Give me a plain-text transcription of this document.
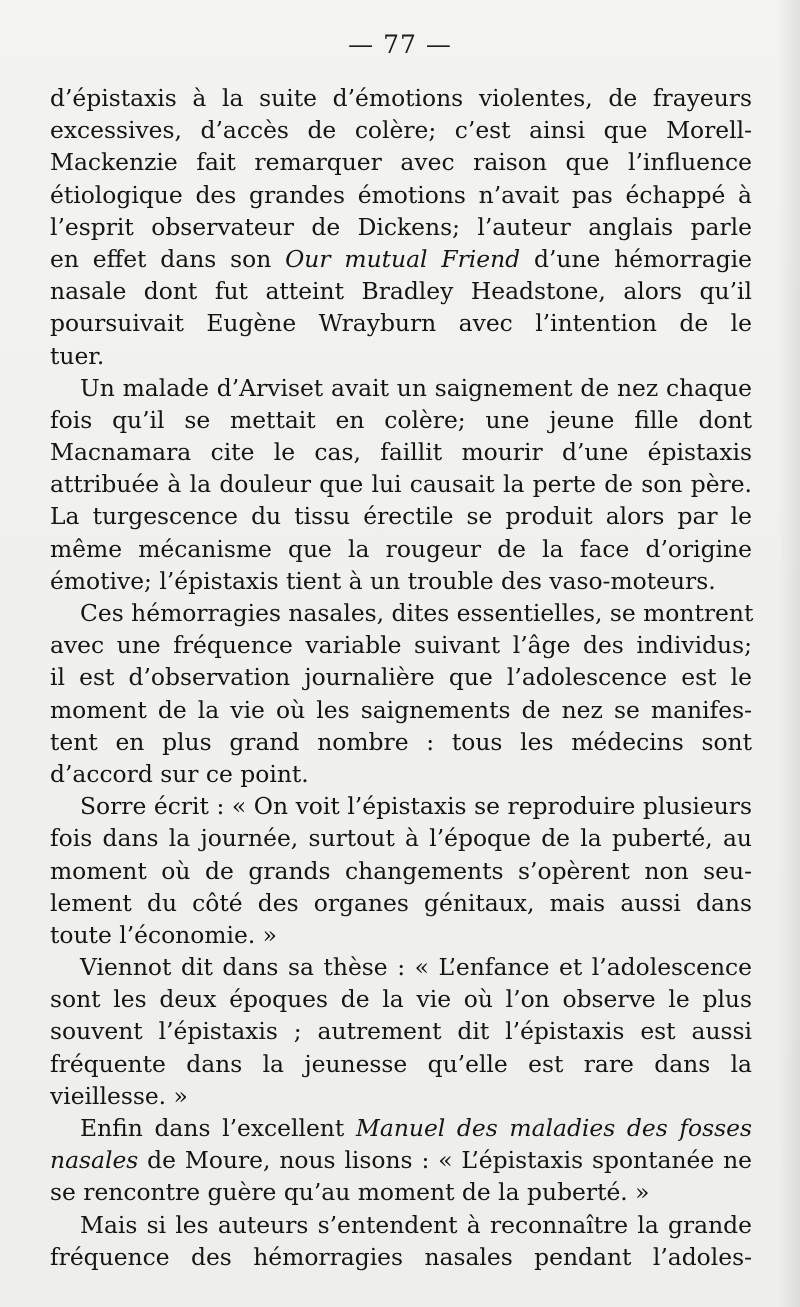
— 77 —
d’épistaxis à la suite d’émotions violentes, de frayeurs
excessives, d’accès de colère; c’est ainsi que Morell-
Mackenzie fait remarquer avec raison que l’influence
étiologique des grandes émotions n’avait pas échappé à
l’esprit observateur de Dickens; l’auteur anglais parle
en effet dans son Our mutual Friend d’une hémorragie
nasale dont fut atteint Bradley Headstone, alors qu’il
poursuivait Eugène Wrayburn avec l’intention de le
tuer.
Un malade d’Arviset avait un saignement de nez chaque
fois qu’il se mettait en colère; une jeune fille dont
Macnamara cite le cas, faillit mourir d’une épistaxis
attribuée à la douleur que lui causait la perte de son père.
La turgescence du tissu érectile se produit alors par le
même mécanisme que la rougeur de la face d’origine
émotive; l’épistaxis tient à un trouble des vaso-moteurs.
Ces hémorragies nasales, dites essentielles, se montrent
avec une fréquence variable suivant l’âge des individus;
il est d’observation journalière que l’adolescence est le
moment de la vie où les saignements de nez se manifes-
tent en plus grand nombre : tous les médecins sont
d’accord sur ce point.
Sorre écrit : « On voit l’épistaxis se reproduire plusieurs
fois dans la journée, surtout à l’époque de la puberté, au
moment où de grands changements s’opèrent non seu-
lement du côté des organes génitaux, mais aussi dans
toute l’économie. »
Viennot dit dans sa thèse : « L’enfance et l’adolescence
sont les deux époques de la vie où l’on observe le plus
souvent l’épistaxis ; autrement dit l’épistaxis est aussi
fréquente dans la jeunesse qu’elle est rare dans la
vieillesse. »
Enfin dans l’excellent Manuel des maladies des fosses
nasales de Moure, nous lisons : « L’épistaxis spontanée ne
se rencontre guère qu’au moment de la puberté. »
Mais si les auteurs s’entendent à reconnaître la grande
fréquence des hémorragies nasales pendant l’adoles-
